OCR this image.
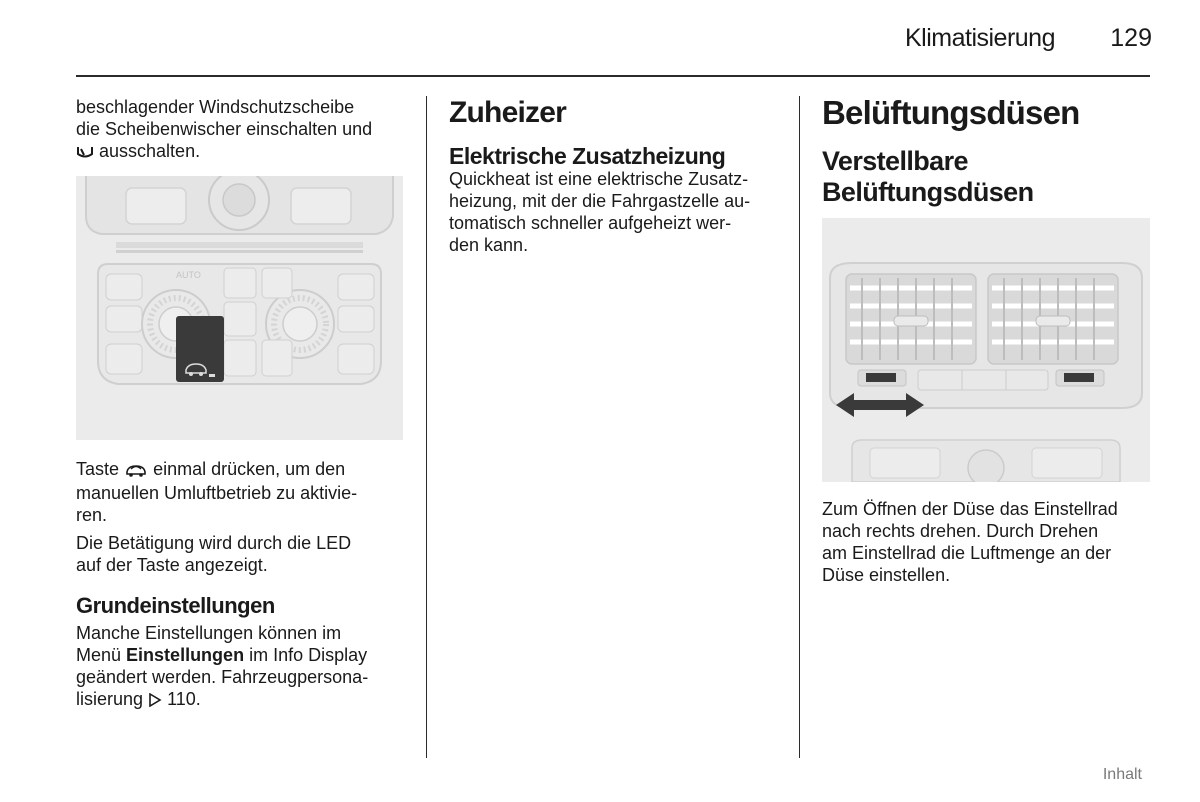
Klimatisierung 129

beschlagender Windschutzscheibe
die Scheibenwischer einschalten und
ausschalten.

AUTO

Taste einmal drücken, um den
manuellen Umluftbetrieb zu aktivie-
ren.

Die Betätigung wird durch die LED
auf der Taste angezeigt.

Grundeinstellungen

Manche Einstellungen können im
Menü Einstellungen im Info Display
geändert werden. Fahrzeugpersona-
lisierung 110.

Zuheizer
Elektrische Zusatzheizung

Quickheat ist eine elektrische Zusatz-
heizung, mit der die Fahrgastzelle au-
tomatisch schneller aufgeheizt wer-
den kann.

Belüftungsdüsen
Verstellbare
Belüftungsdüsen

Zum Öffnen der Düse das Einstellrad
nach rechts drehen. Durch Drehen
am Einstellrad die Luftmenge an der
Düse einstellen.

Inhalt
